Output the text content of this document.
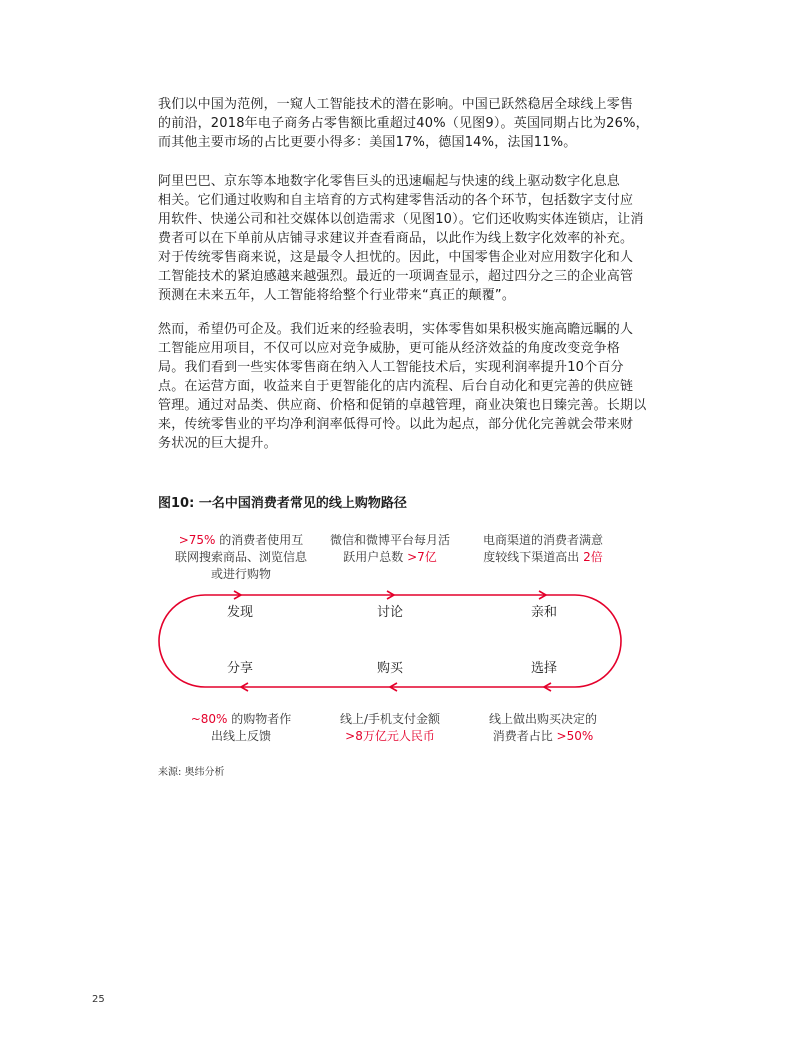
我们以中国为范例，一窥人工智能技术的潜在影响。中国已跃然稳居全球线上零售
的前沿，2018年电子商务占零售额比重超过40%（见图9）。英国同期占比为26%，
而其他主要市场的占比更要小得多：美国17%，德国14%，法国11%。
阿里巴巴、京东等本地数字化零售巨头的迅速崛起与快速的线上驱动数字化息息
相关。它们通过收购和自主培育的方式构建零售活动的各个环节，包括数字支付应
用软件、快递公司和社交媒体以创造需求（见图10）。它们还收购实体连锁店，让消
费者可以在下单前从店铺寻求建议并查看商品，以此作为线上数字化效率的补充。
对于传统零售商来说，这是最令人担忧的。因此，中国零售企业对应用数字化和人
工智能技术的紧迫感越来越强烈。最近的一项调查显示，超过四分之三的企业高管
预测在未来五年，人工智能将给整个行业带来“真正的颠覆”。
然而，希望仍可企及。我们近来的经验表明，实体零售如果积极实施高瞻远瞩的人
工智能应用项目，不仅可以应对竞争威胁，更可能从经济效益的角度改变竞争格
局。我们看到一些实体零售商在纳入人工智能技术后，实现利润率提升10个百分
点。在运营方面，收益来自于更智能化的店内流程、后台自动化和更完善的供应链
管理。通过对品类、供应商、价格和促销的卓越管理，商业决策也日臻完善。长期以
来，传统零售业的平均净利润率低得可怜。以此为起点，部分优化完善就会带来财
务状况的巨大提升。
图10: 一名中国消费者常见的线上购物路径
>75% 的消费者使用互
联网搜索商品、浏览信息
或进行购物
微信和微博平台每月活
跃用户总数 >7亿
电商渠道的消费者满意
度较线下渠道高出 2倍
发现	讨论	亲和
分享	购买	选择
~80% 的购物者作
出线上反馈
线上/手机支付金额
>8万亿元人民币
线上做出购买决定的
消费者占比 >50%
来源: 奥纬分析
25
